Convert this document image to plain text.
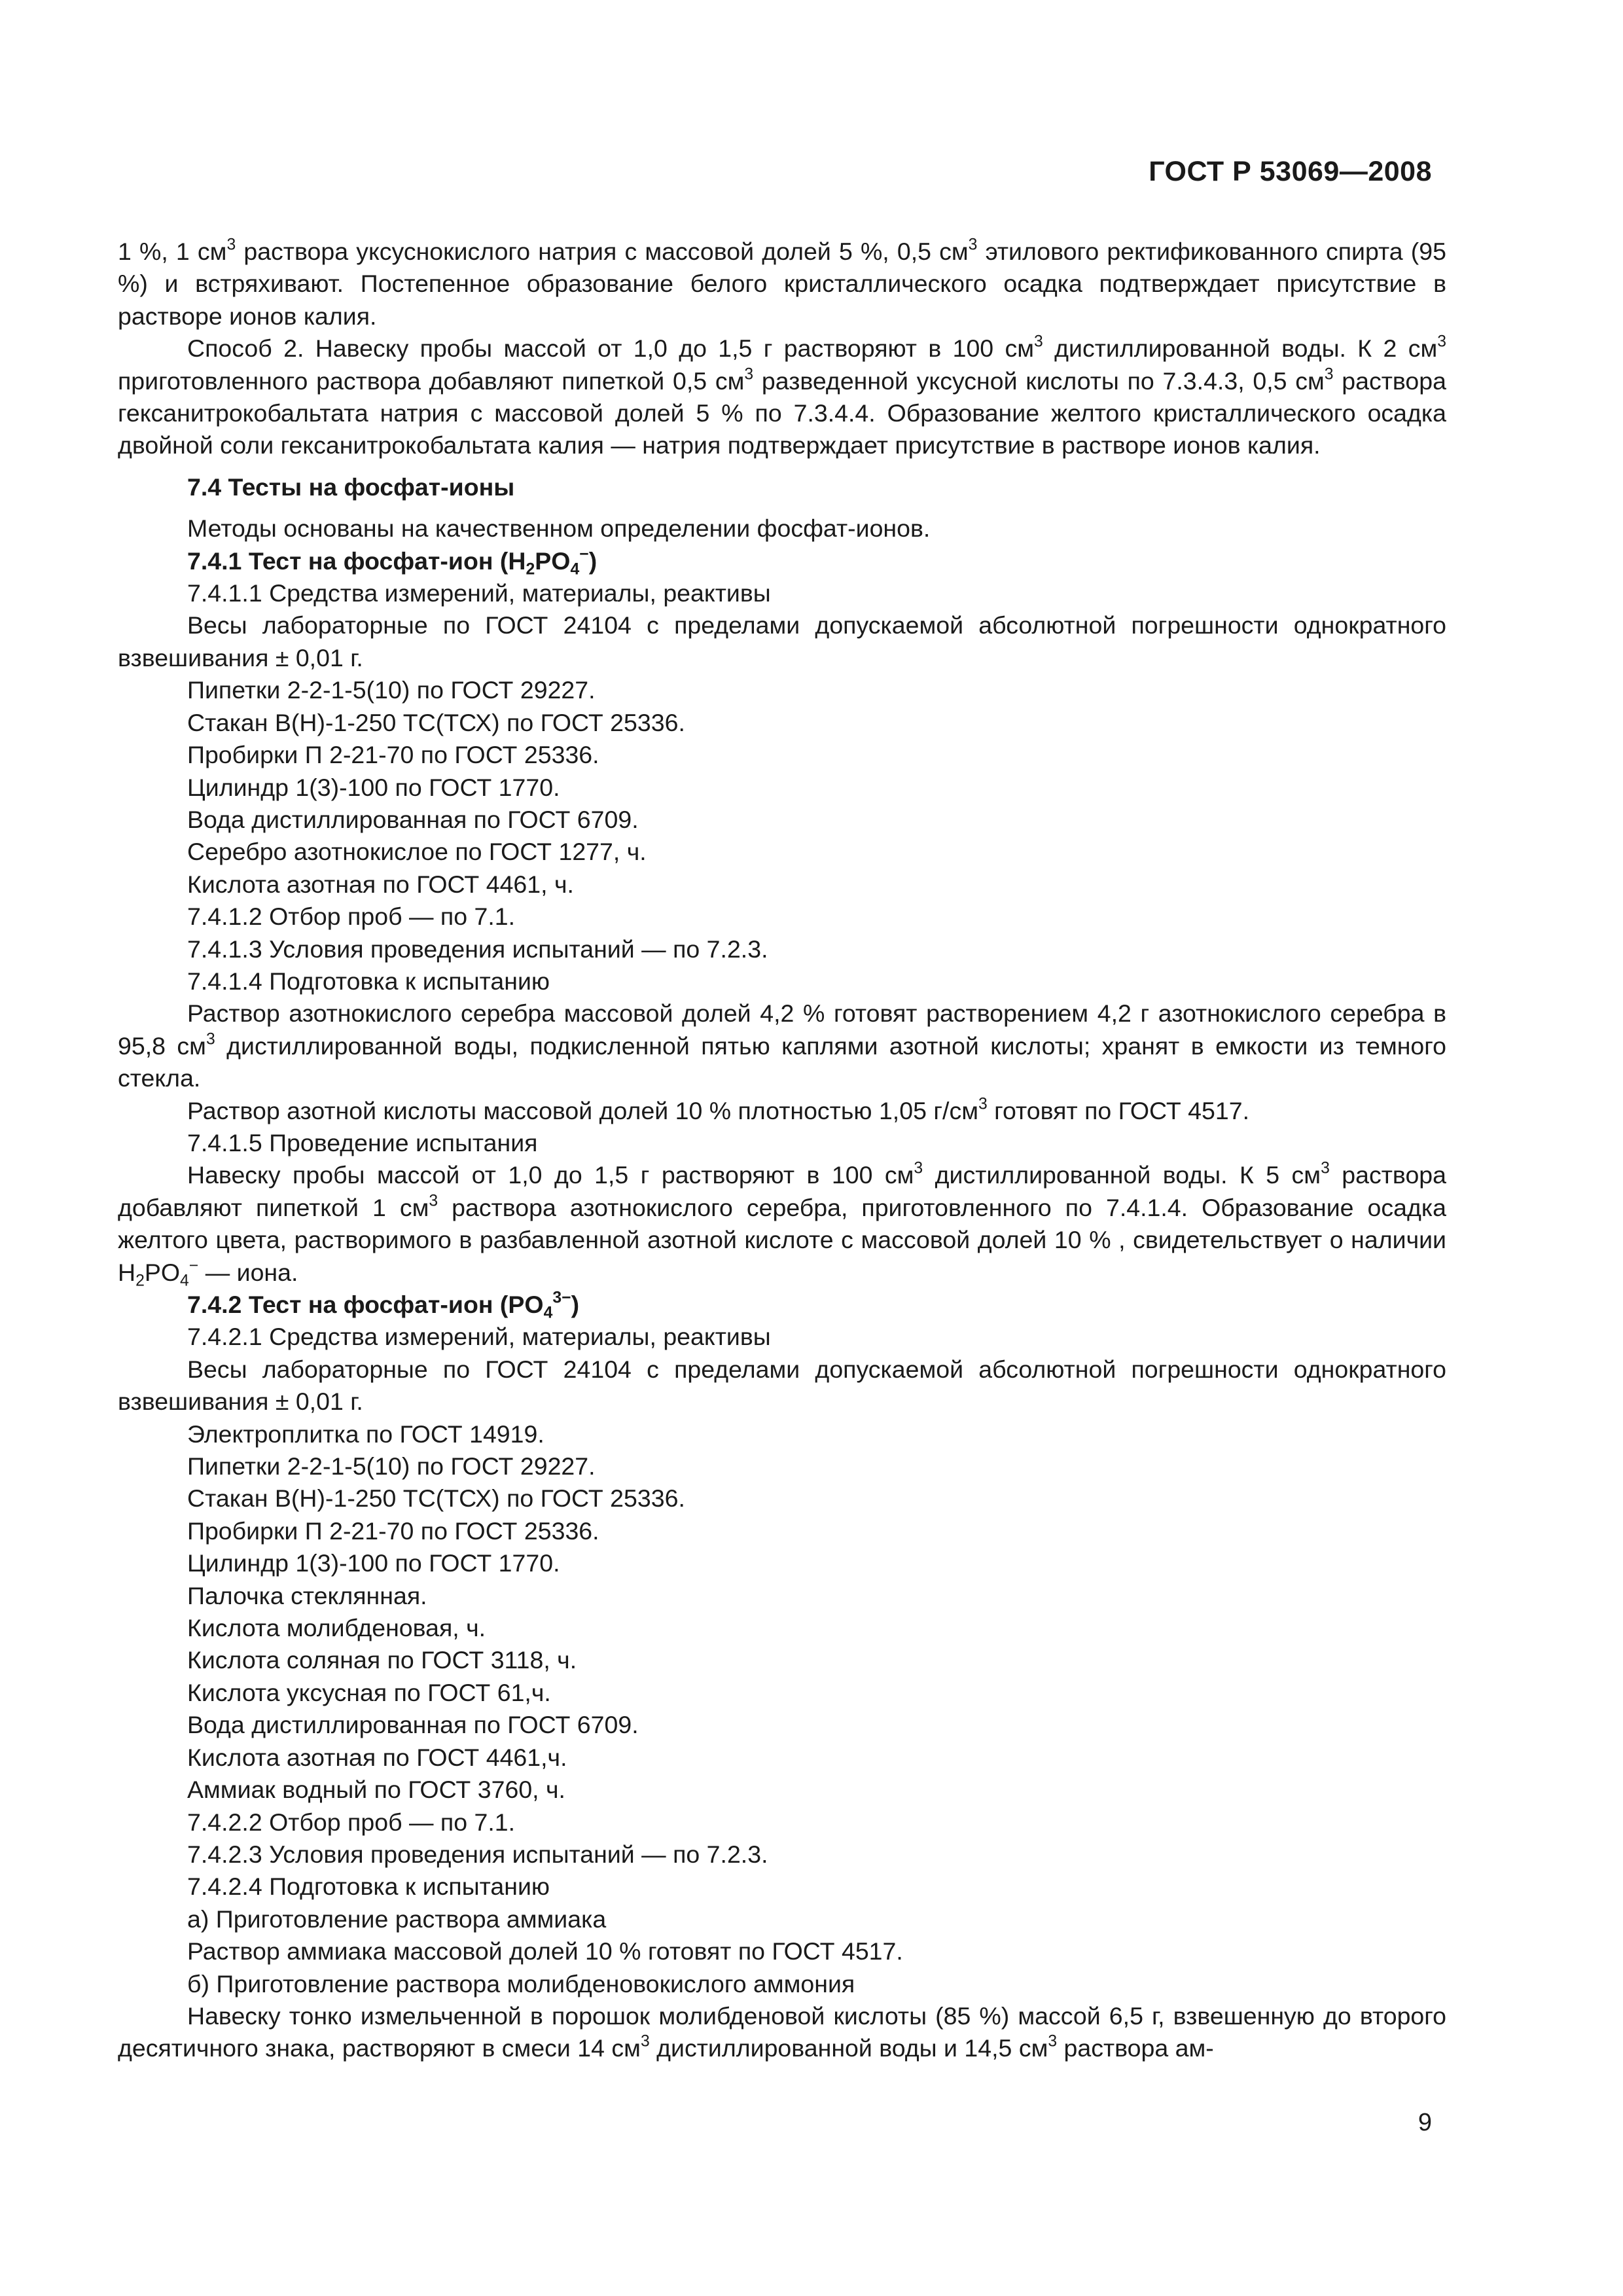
ГОСТ Р 53069—2008

1 %, 1 $см^3$ раствора уксуснокислого натрия с массовой долей 5 %, 0,5 $см^3$ этилового ректификованного спирта (95 %) и встряхивают. Постепенное образование белого кристаллического осадка подтверждает присутствие в растворе ионов калия.

Способ 2. Навеску пробы массой от 1,0 до 1,5 г растворяют в 100 $см^3$ дистиллированной воды. К 2 $см^3$ приготовленного раствора добавляют пипеткой 0,5 $см^3$ разведенной уксусной кислоты по 7.3.4.3, 0,5 $см^3$ раствора гексанитрокобальтата натрия с массовой долей 5 % по 7.3.4.4. Образование желтого кристаллического осадка двойной соли гексанитрокобальтата калия — натрия подтверждает присутствие в растворе ионов калия.

7.4 Тесты на фосфат-ионы

Методы основаны на качественном определении фосфат-ионов.

7.4.1 Тест на фосфат-ион $(H_2PO_4^-)$

7.4.1.1 Средства измерений, материалы, реактивы

Весы лабораторные по ГОСТ 24104 с пределами допускаемой абсолютной погрешности однократного взвешивания ± 0,01 г.

Пипетки 2-2-1-5(10) по ГОСТ 29227.

Стакан В(Н)-1-250 ТС(ТСХ) по ГОСТ 25336.

Пробирки П 2-21-70 по ГОСТ 25336.

Цилиндр 1(3)-100 по ГОСТ 1770.

Вода дистиллированная по ГОСТ 6709.

Серебро азотнокислое по ГОСТ 1277, ч.

Кислота азотная по ГОСТ 4461, ч.

7.4.1.2 Отбор проб — по 7.1.

7.4.1.3 Условия проведения испытаний — по 7.2.3.

7.4.1.4 Подготовка к испытанию

Раствор азотнокислого серебра массовой долей 4,2 % готовят растворением 4,2 г азотнокислого серебра в 95,8 $см^3$ дистиллированной воды, подкисленной пятью каплями азотной кислоты; хранят в емкости из темного стекла.

Раствор азотной кислоты массовой долей 10 % плотностью 1,05 $г/см^3$ готовят по ГОСТ 4517.

7.4.1.5 Проведение испытания

Навеску пробы массой от 1,0 до 1,5 г растворяют в 100 $см^3$ дистиллированной воды. К 5 $см^3$ раствора добавляют пипеткой 1 $см^3$ раствора азотнокислого серебра, приготовленного по 7.4.1.4. Образование осадка желтого цвета, растворимого в разбавленной азотной кислоте с массовой долей 10 % , свидетельствует о наличии $H_2PO_4^-$ — иона.

7.4.2 Тест на фосфат-ион $(PO_4^{3-})$

7.4.2.1 Средства измерений, материалы, реактивы

Весы лабораторные по ГОСТ 24104 с пределами допускаемой абсолютной погрешности однократного взвешивания ± 0,01 г.

Электроплитка по ГОСТ 14919.

Пипетки 2-2-1-5(10) по ГОСТ 29227.

Стакан В(Н)-1-250 ТС(ТСХ) по ГОСТ 25336.

Пробирки П 2-21-70 по ГОСТ 25336.

Цилиндр 1(3)-100 по ГОСТ 1770.

Палочка стеклянная.

Кислота молибденовая, ч.

Кислота соляная по ГОСТ 3118, ч.

Кислота уксусная по ГОСТ 61,ч.

Вода дистиллированная по ГОСТ 6709.

Кислота азотная по ГОСТ 4461,ч.

Аммиак водный по ГОСТ 3760, ч.

7.4.2.2 Отбор проб — по 7.1.

7.4.2.3 Условия проведения испытаний — по 7.2.3.

7.4.2.4 Подготовка к испытанию

а) Приготовление раствора аммиака

Раствор аммиака массовой долей 10 % готовят по ГОСТ 4517.

б) Приготовление раствора молибденовокислого аммония

Навеску тонко измельченной в порошок молибденовой кислоты (85 %) массой 6,5 г, взвешенную до второго десятичного знака, растворяют в смеси 14 $см^3$ дистиллированной воды и 14,5 $см^3$ раствора ам-

9
